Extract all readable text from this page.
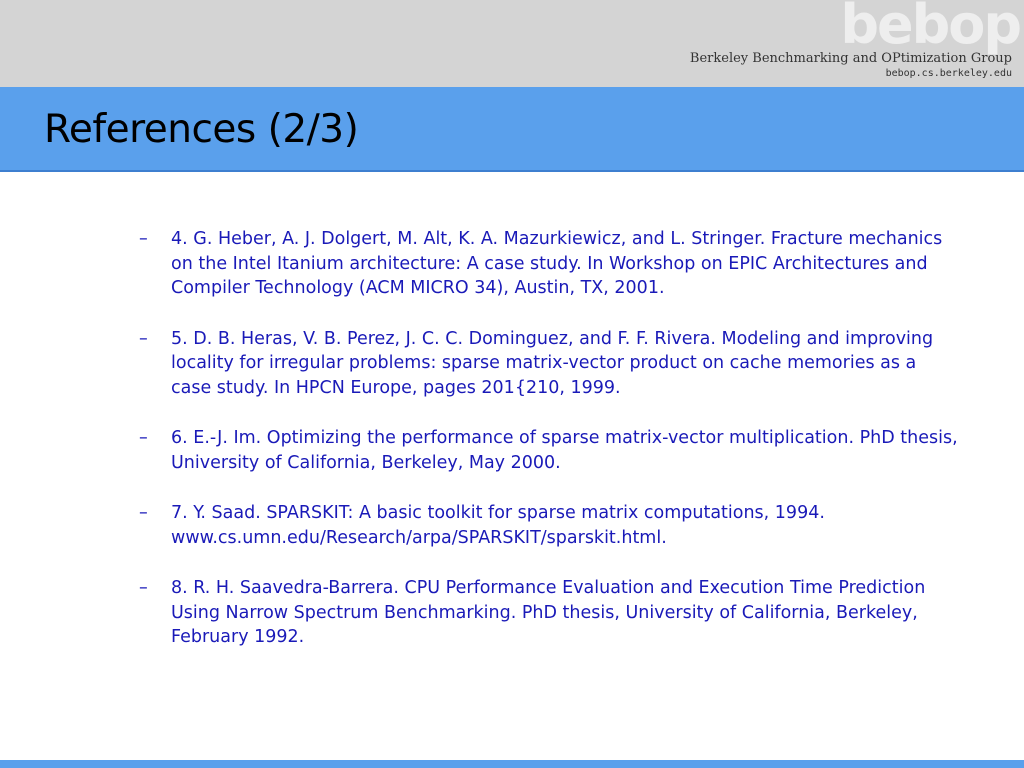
bebop
Berkeley Benchmarking and OPtimization Group
bebop.cs.berkeley.edu
References (2/3)
– 4. G. Heber, A. J. Dolgert, M. Alt, K. A. Mazurkiewicz, and L. Stringer. Fracture mechanics on the Intel Itanium architecture: A case study. In Workshop on EPIC Architectures and Compiler Technology (ACM MICRO 34), Austin, TX, 2001.
– 5. D. B. Heras, V. B. Perez, J. C. C. Dominguez, and F. F. Rivera. Modeling and improving locality for irregular problems: sparse matrix-vector product on cache memories as a case study. In HPCN Europe, pages 201{210, 1999.
– 6. E.-J. Im. Optimizing the performance of sparse matrix-vector multiplication. PhD thesis, University of California, Berkeley, May 2000.
– 7. Y. Saad. SPARSKIT: A basic toolkit for sparse matrix computations, 1994. www.cs.umn.edu/Research/arpa/SPARSKIT/sparskit.html.
– 8. R. H. Saavedra-Barrera. CPU Performance Evaluation and Execution Time Prediction Using Narrow Spectrum Benchmarking. PhD thesis, University of California, Berkeley, February 1992.
